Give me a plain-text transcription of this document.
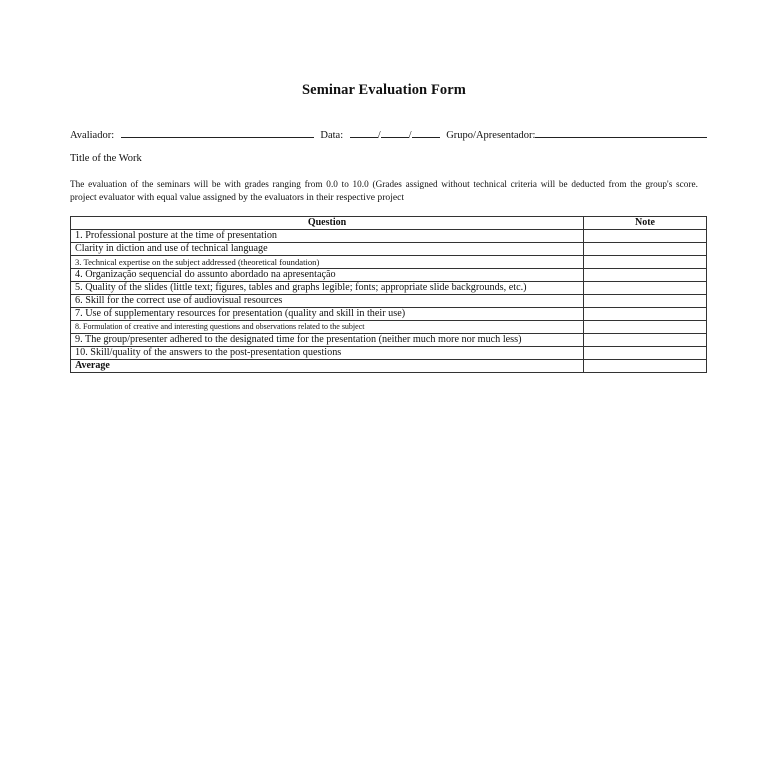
Seminar Evaluation Form
Avaliador:	Data:	/	/	Grupo/Apresentador:
Title of the Work
The evaluation of the seminars will be with grades ranging from 0.0 to 10.0 (Grades assigned without technical criteria will be deducted from the group's score.
project evaluator with equal value assigned by the evaluators in their respective project
Question	Note
1. Professional posture at the time of presentation	
Clarity in diction and use of technical language	
3. Technical expertise on the subject addressed (theoretical foundation)	
4. Organização sequencial do assunto abordado na apresentação	
5. Quality of the slides (little text; figures, tables and graphs legible; fonts; appropriate slide backgrounds, etc.)	
6. Skill for the correct use of audiovisual resources	
7. Use of supplementary resources for presentation (quality and skill in their use)	
8. Formulation of creative and interesting questions and observations related to the subject	
9. The group/presenter adhered to the designated time for the presentation (neither much more nor much less)	
10. Skill/quality of the answers to the post-presentation questions	
Average	
